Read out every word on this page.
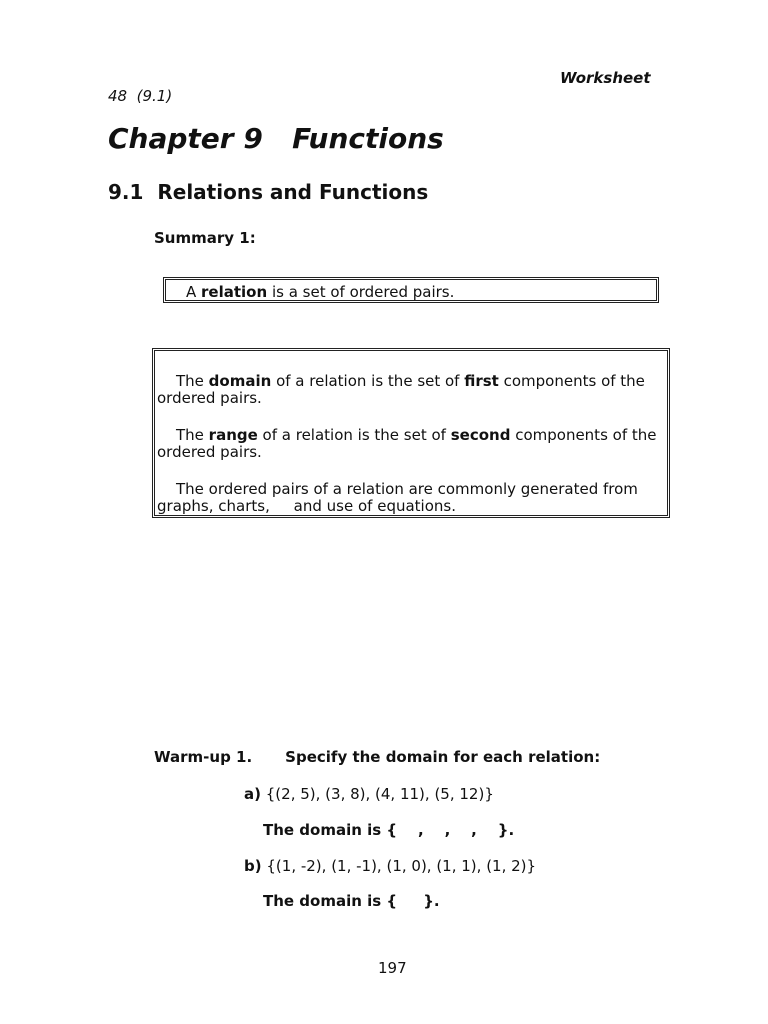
Worksheet
48  (9.1)
Chapter 9   Functions
9.1  Relations and Functions
Summary 1:
A relation is a set of ordered pairs.
The domain of a relation is the set of first components of the ordered pairs.
The range of a relation is the set of second components of the ordered pairs.
The ordered pairs of a relation are commonly generated from graphs, charts,     and use of equations.
Warm-up 1. Specify the domain for each relation:
a) {(2, 5), (3, 8), (4, 11), (5, 12)}
The domain is {    ,    ,    ,    }.
b) {(1, -2), (1, -1), (1, 0), (1, 1), (1, 2)}
The domain is {     }.
197
